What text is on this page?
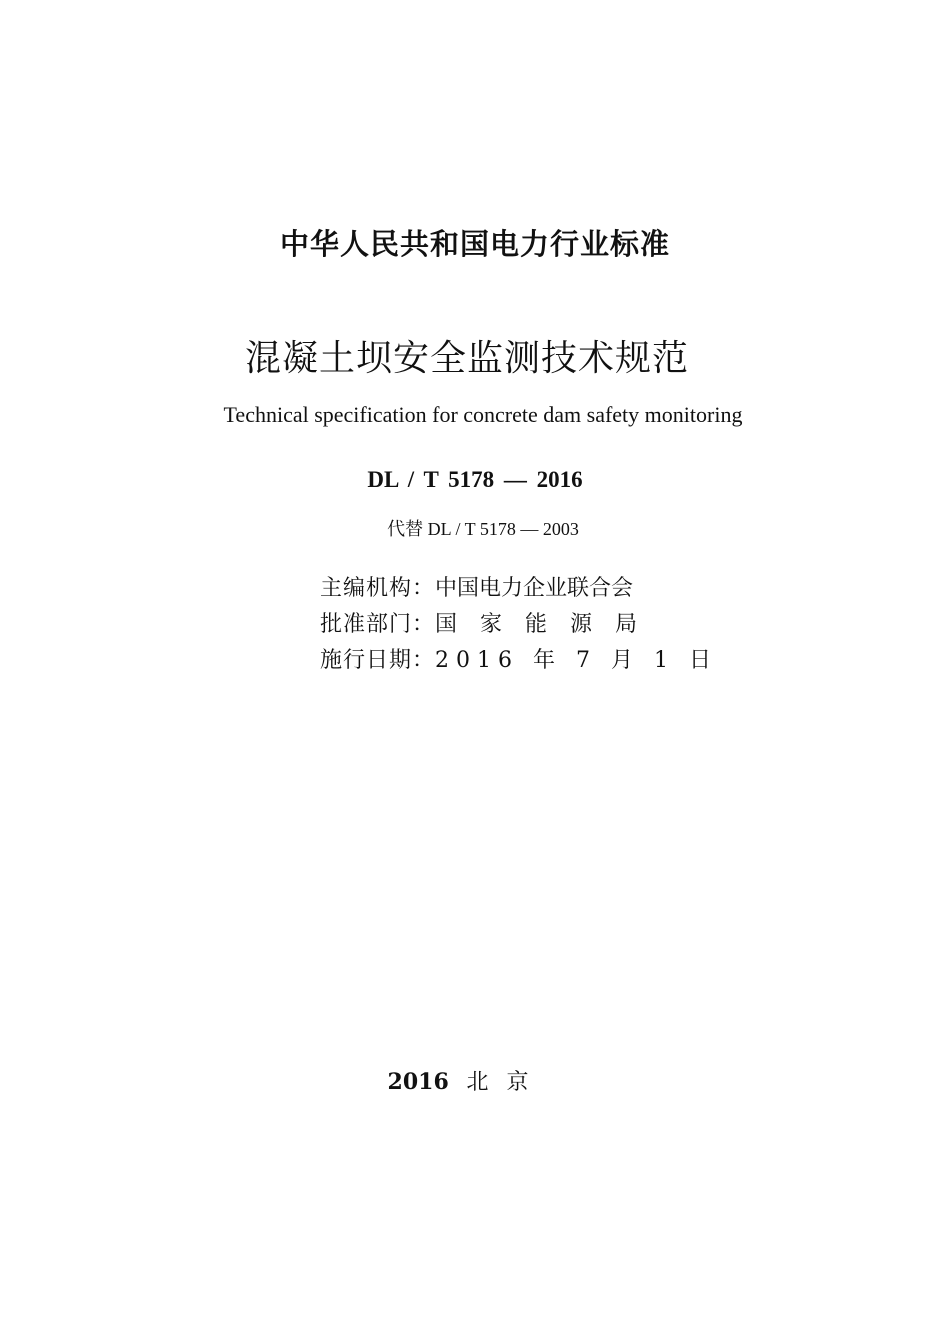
中华人民共和国电力行业标准
混凝土坝安全监测技术规范
Technical specification for concrete dam safety monitoring
DL / T 5178 — 2016
代替 DL / T 5178 — 2003
主编机构：中国电力企业联合会
批准部门：国家能源局
施行日期：2016 年 7 月 1 日
2016 北京
